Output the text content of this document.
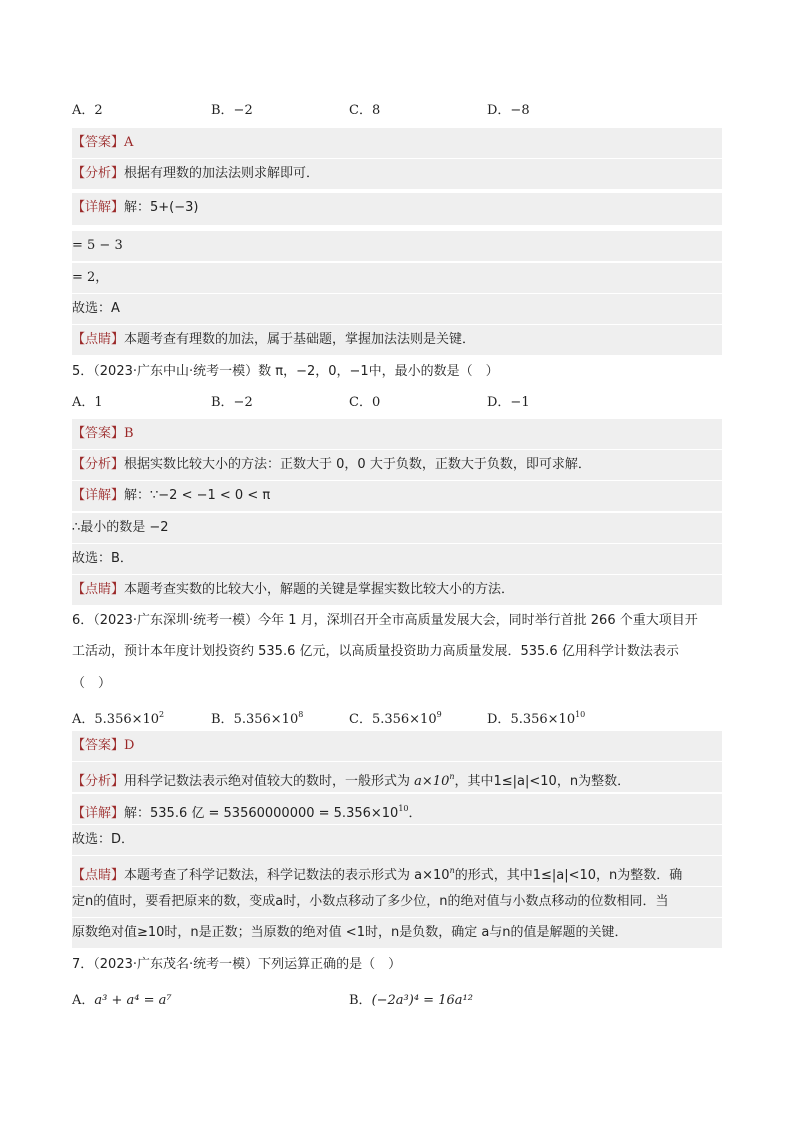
A．2	B．−2	C．8	D．−8
【答案】A
【分析】根据有理数的加法法则求解即可．
【详解】解：5+(−3)
= 5 − 3
= 2，
故选：A
【点睛】本题考查有理数的加法，属于基础题，掌握加法法则是关键．
5．（2023·广东中山·统考一模）数 π，−2，0，−1中，最小的数是（　）
A．1	B．−2	C．0	D．−1
【答案】B
【分析】根据实数比较大小的方法：正数大于 0，0 大于负数，正数大于负数，即可求解．
【详解】解：∵−2 < −1 < 0 < π
∴最小的数是 −2
故选：B．
【点睛】本题考查实数的比较大小，解题的关键是掌握实数比较大小的方法．
6．（2023·广东深圳·统考一模）今年 1 月，深圳召开全市高质量发展大会，同时举行首批 266 个重大项目开
工活动，预计本年度计划投资约 535.6 亿元，以高质量投资助力高质量发展．535.6 亿用科学计数法表示
（　）
A．$5.356\times 10^2$	B．$5.356\times 10^8$	C．$5.356\times 10^9$	D．$5.356\times 10^{10}$
【答案】D
【分析】用科学记数法表示绝对值较大的数时，一般形式为 $a\times 10^n$，其中1≤|a|<10，n为整数．
【详解】解：535.6 亿 = $53560000000 = 5.356\times 10^{10}$．
故选：D．
【点睛】本题考查了科学记数法，科学记数法的表示形式为 $a\times 10^n$的形式，其中1≤|a|<10，n为整数．确
定n的值时，要看把原来的数，变成a时，小数点移动了多少位，n的绝对值与小数点移动的位数相同．当
原数绝对值≥10时，n是正数；当原数的绝对值 <1时，n是负数，确定 a与n的值是解题的关键．
7．（2023·广东茂名·统考一模）下列运算正确的是（　）
A．a³ + a⁴ = a⁷	B．(−2a³)⁴ = 16a¹²
